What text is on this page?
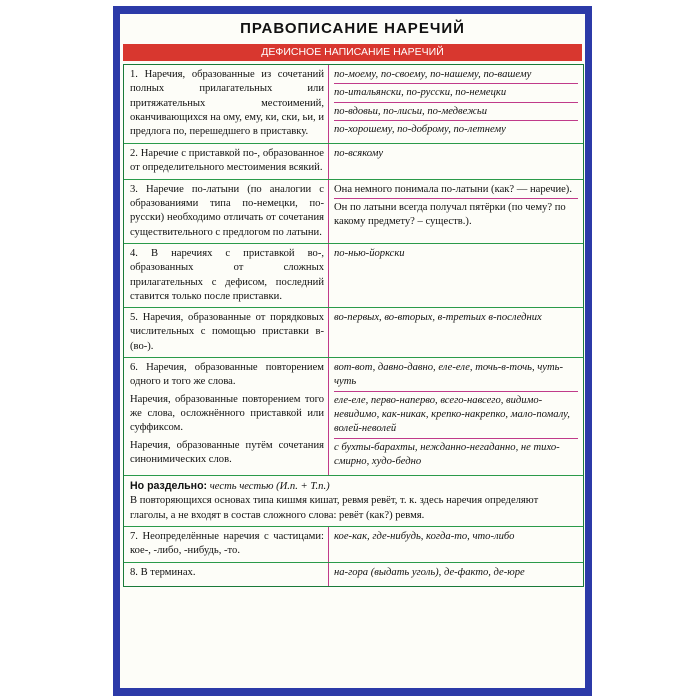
ПРАВОПИСАНИЕ НАРЕЧИЙ
ДЕФИСНОЕ НАПИСАНИЕ НАРЕЧИЙ
1. Наречия, образованные из сочетаний полных прилагательных или притяжательных местоимений, оканчивающихся на ому, ему, ки, ски, ьи, и предлога по, перешедшего в приставку.
по-моему, по-своему, по-нашему, по-вашему
по-итальянски, по-русски, по-немецки
по-вдовьи, по-лисьи, по-медвежьи
по-хорошему, по-доброму, по-летнему
2. Наречие с приставкой по-, образованное от определительного местоимения всякий.
по-всякому
3. Наречие по-латыни (по аналогии с образованиями типа по-немецки, по-русски) необходимо отличать от сочетания существительного с предлогом по латыни.
Она немного понимала по-латыни (как? — наречие).
Он по латыни всегда получал пятёрки (по чему? по какому предмету? – существ.).
4. В наречиях с приставкой во-, образованных от сложных прилагательных с дефисом, последний ставится только после приставки.
по-нью-йоркски
5. Наречия, образованные от порядковых числительных с помощью приставки в- (во-).
во-первых, во-вторых, в-третьих в-последних
6. Наречия, образованные повторением одного и того же слова.
Наречия, образованные повторением того же слова, осложнённого приставкой или суффиксом.
Наречия, образованные путём сочетания синонимических слов.
вот-вот, давно-давно, еле-еле, точь-в-точь, чуть-чуть
еле-еле, перво-наперво, всего-навсего, видимо-невидимо, как-никак, крепко-накрепко, мало-помалу, волей-неволей
с бухты-барахты, нежданно-негаданно, не тихо-смирно, худо-бедно
Но раздельно: честь честью (И.п. + Т.п.)
В повторяющихся основах типа кишмя кишат, ревмя ревёт, т. к. здесь наречия определяют глаголы, а не входят в состав сложного слова: ревёт (как?) ревмя.
7. Неопределённые наречия с частицами: кое-, -либо, -нибудь, -то.
кое-как, где-нибудь, когда-то, что-либо
8. В терминах.	на-гора (выдать уголь), де-факто, де-юре
